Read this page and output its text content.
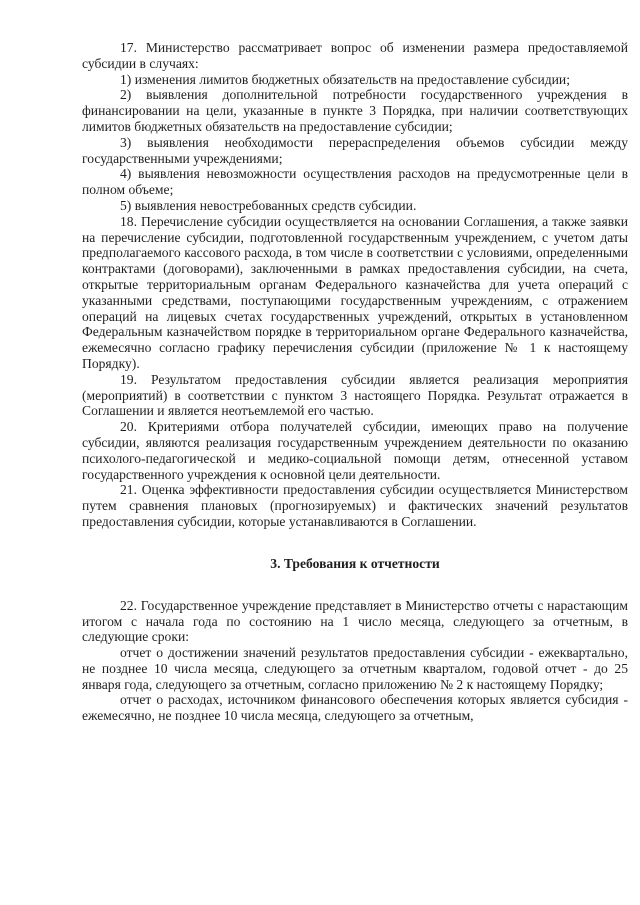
17. Министерство рассматривает вопрос об изменении размера предоставляемой субсидии в случаях:

1) изменения лимитов бюджетных обязательств на предоставление субсидии;

2) выявления дополнительной потребности государственного учреждения в финансировании на цели, указанные в пункте 3 Порядка, при наличии соответствующих лимитов бюджетных обязательств на предоставление субсидии;

3) выявления необходимости перераспределения объемов субсидии между государственными учреждениями;

4) выявления невозможности осуществления расходов на предусмотренные цели в полном объеме;

5) выявления невостребованных средств субсидии.

18. Перечисление субсидии осуществляется на основании Соглашения, а также заявки на перечисление субсидии, подготовленной государственным учреждением, с учетом даты предполагаемого кассового расхода, в том числе в соответствии с условиями, определенными контрактами (договорами), заключенными в рамках предоставления субсидии, на счета, открытые территориальным органам Федерального казначейства для учета операций с указанными средствами, поступающими государственным учреждениям, с отражением операций на лицевых счетах государственных учреждений, открытых в установленном Федеральным казначейством порядке в территориальном органе Федерального казначейства, ежемесячно согласно графику перечисления субсидии (приложение № 1 к настоящему Порядку).

19. Результатом предоставления субсидии является реализация мероприятия (мероприятий) в соответствии с пунктом 3 настоящего Порядка. Результат отражается в Соглашении и является неотъемлемой его частью.

20. Критериями отбора получателей субсидии, имеющих право на получение субсидии, являются реализация государственным учреждением деятельности по оказанию психолого-педагогической и медико-социальной помощи детям, отнесенной уставом государственного учреждения к основной цели деятельности.

21. Оценка эффективности предоставления субсидии осуществляется Министерством путем сравнения плановых (прогнозируемых) и фактических значений результатов предоставления субсидии, которые устанавливаются в Соглашении.

3. Требования к отчетности

22. Государственное учреждение представляет в Министерство отчеты с нарастающим итогом с начала года по состоянию на 1 число месяца, следующего за отчетным, в следующие сроки:

отчет о достижении значений результатов предоставления субсидии - ежеквартально, не позднее 10 числа месяца, следующего за отчетным кварталом, годовой отчет - до 25 января года, следующего за отчетным, согласно приложению № 2 к настоящему Порядку;

отчет о расходах, источником финансового обеспечения которых является субсидия - ежемесячно, не позднее 10 числа месяца, следующего за отчетным,
